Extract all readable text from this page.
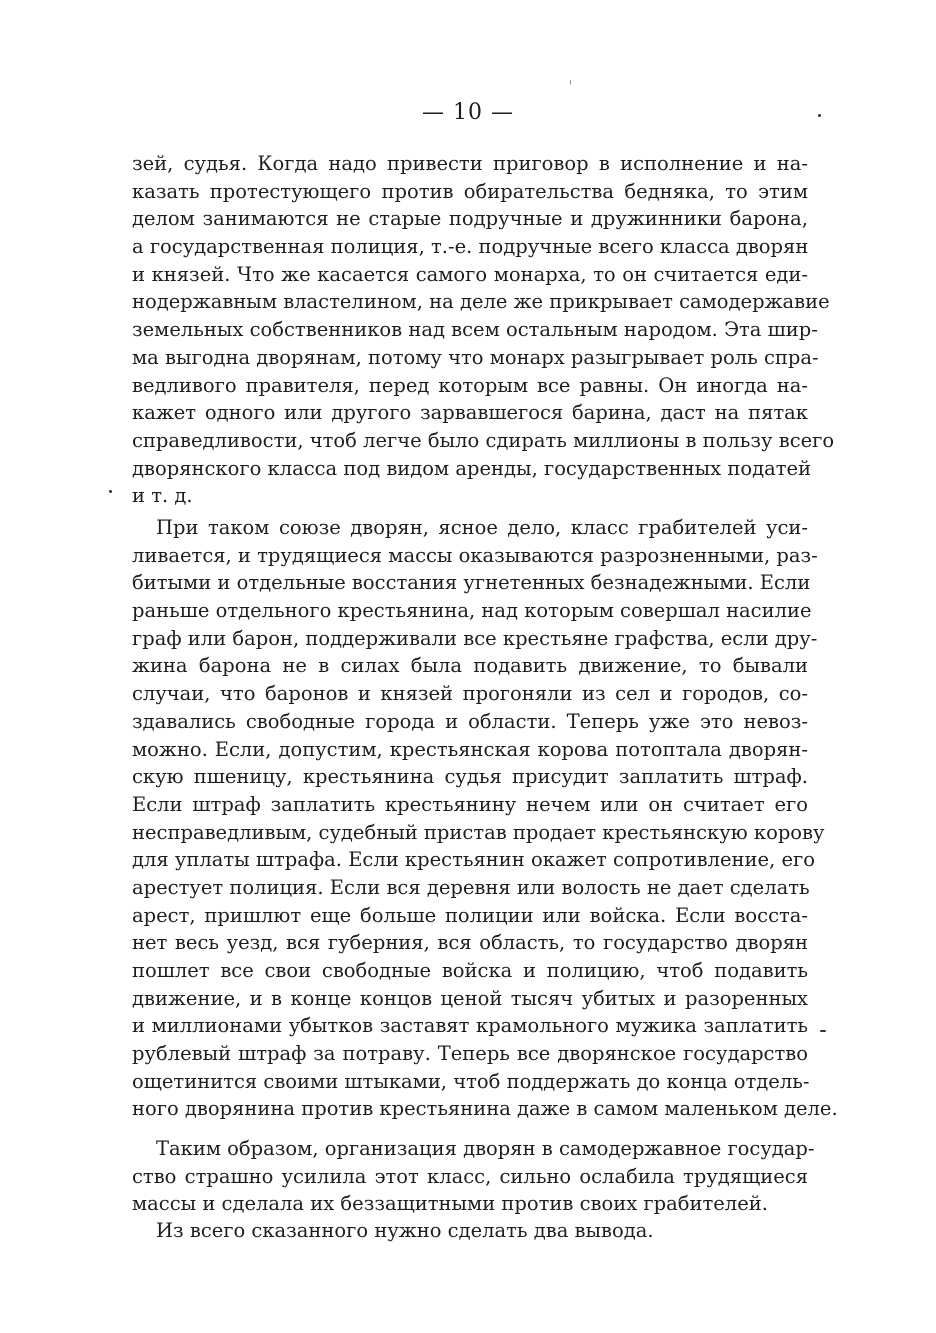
— 10 —
зей, судья. Когда надо привести приговор в исполнение и на-
казать протестующего против обирательства бедняка, то этим
делом занимаются не старые подручные и дружинники барона,
а государственная полиция, т.-е. подручные всего класса дворян
и князей. Что же касается самого монарха, то он считается еди-
нодержавным властелином, на деле же прикрывает самодержавие
земельных собственников над всем остальным народом. Эта шир-
ма выгодна дворянам, потому что монарх разыгрывает роль спра-
ведливого правителя, перед которым все равны. Он иногда на-
кажет одного или другого зарвавшегося барина, даст на пятак
справедливости, чтоб легче было сдирать миллионы в пользу всего
дворянского класса под видом аренды, государственных податей
и т. д.
При таком союзе дворян, ясное дело, класс грабителей уси-
ливается, и трудящиеся массы оказываются разрозненными, раз-
битыми и отдельные восстания угнетенных безнадежными. Если
раньше отдельного крестьянина, над которым совершал насилие
граф или барон, поддерживали все крестьяне графства, если дру-
жина барона не в силах была подавить движение, то бывали
случаи, что баронов и князей прогоняли из сел и городов, со-
здавались свободные города и области. Теперь уже это невоз-
можно. Если, допустим, крестьянская корова потоптала дворян-
скую пшеницу, крестьянина судья присудит заплатить штраф.
Если штраф заплатить крестьянину нечем или он считает его
несправедливым, судебный пристав продает крестьянскую корову
для уплаты штрафа. Если крестьянин окажет сопротивление, его
арестует полиция. Если вся деревня или волость не дает сделать
арест, пришлют еще больше полиции или войска. Если восста-
нет весь уезд, вся губерния, вся область, то государство дворян
пошлет все свои свободные войска и полицию, чтоб подавить
движение, и в конце концов ценой тысяч убитых и разоренных
и миллионами убытков заставят крамольного мужика заплатить
рублевый штраф за потраву. Теперь все дворянское государство
ощетинится своими штыками, чтоб поддержать до конца отдель-
ного дворянина против крестьянина даже в самом маленьком деле.
Таким образом, организация дворян в самодержавное государ-
ство страшно усилила этот класс, сильно ослабила трудящиеся
массы и сделала их беззащитными против своих грабителей.
Из всего сказанного нужно сделать два вывода.
